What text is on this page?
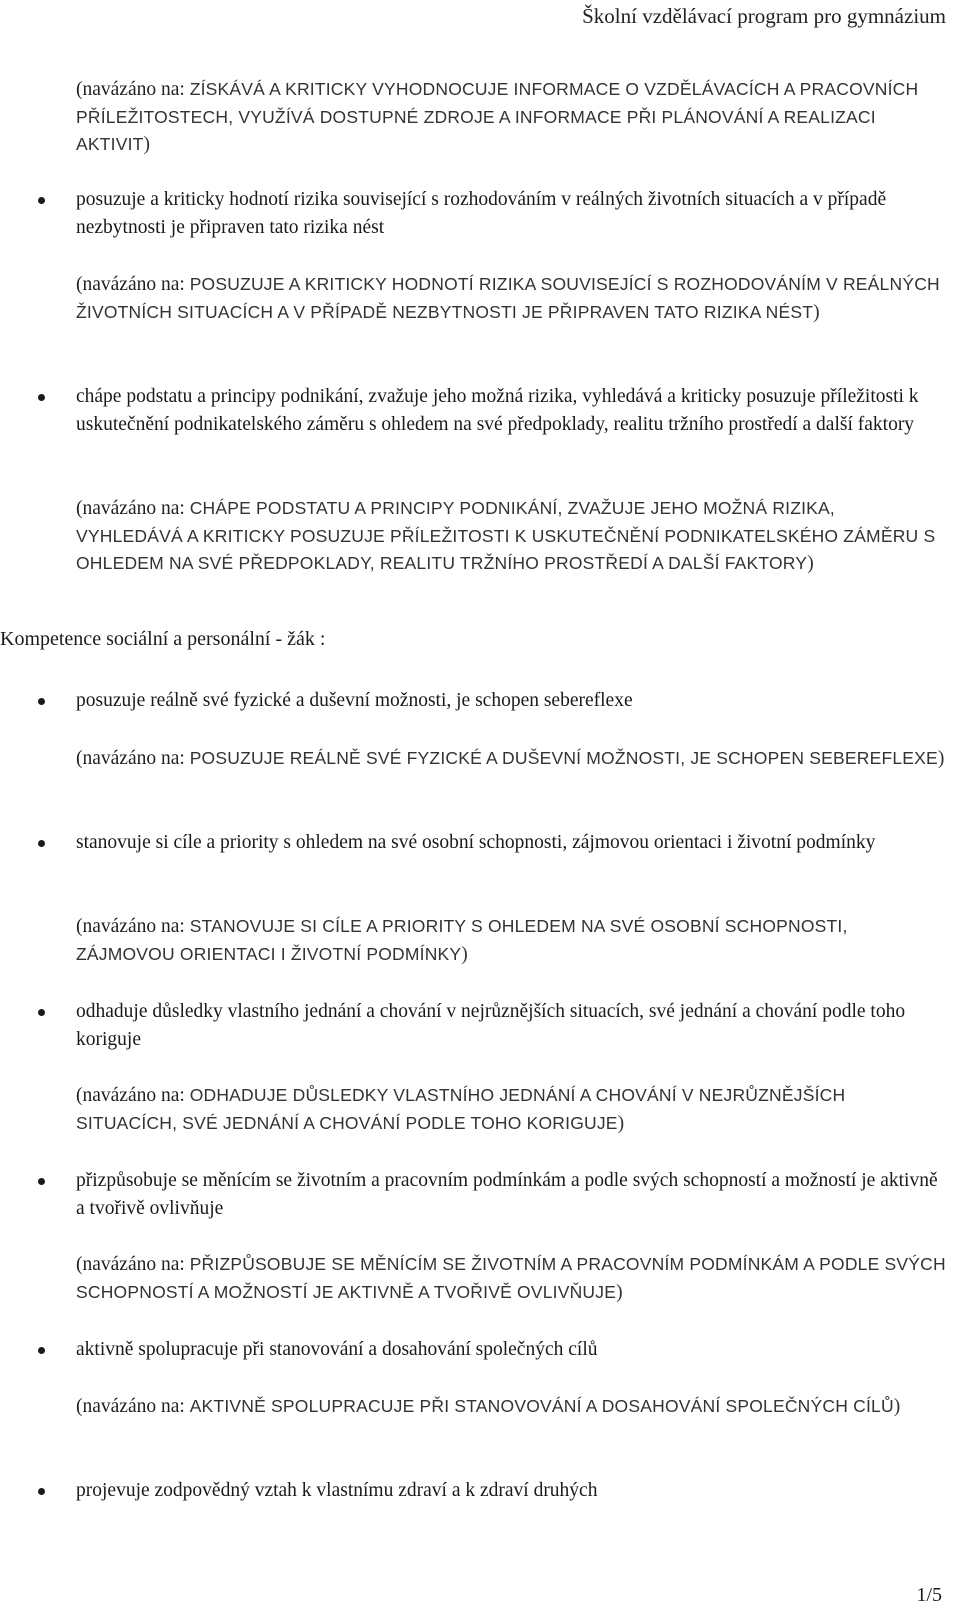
Školní vzdělávací program pro gymnázium
(navázáno na: ZÍSKÁVÁ A KRITICKY VYHODNOCUJE INFORMACE O VZDĚLÁVACÍCH A PRACOVNÍCH PŘÍLEŽITOSTECH, VYUŽÍVÁ DOSTUPNÉ ZDROJE A INFORMACE PŘI PLÁNOVÁNÍ A REALIZACI AKTIVIT)
posuzuje a kriticky hodnotí rizika související s rozhodováním v reálných životních situacích a v případě nezbytnosti je připraven tato rizika nést
(navázáno na: POSUZUJE A KRITICKY HODNOTÍ RIZIKA SOUVISEJÍCÍ S ROZHODOVÁNÍM V REÁLNÝCH ŽIVOTNÍCH SITUACÍCH A V PŘÍPADĚ NEZBYTNOSTI JE PŘIPRAVEN TATO RIZIKA NÉST)
chápe podstatu a principy podnikání, zvažuje jeho možná rizika, vyhledává a kriticky posuzuje příležitosti k uskutečnění podnikatelského záměru s ohledem na své předpoklady, realitu tržního prostředí a další faktory
(navázáno na: CHÁPE PODSTATU A PRINCIPY PODNIKÁNÍ, ZVAŽUJE JEHO MOŽNÁ RIZIKA, VYHLEDÁVÁ A KRITICKY POSUZUJE PŘÍLEŽITOSTI K USKUTEČNĚNÍ PODNIKATELSKÉHO ZÁMĚRU S OHLEDEM NA SVÉ PŘEDPOKLADY, REALITU TRŽNÍHO PROSTŘEDÍ A DALŠÍ FAKTORY)
Kompetence sociální a personální - žák :
posuzuje reálně své fyzické a duševní možnosti, je schopen sebereflexe
(navázáno na: POSUZUJE REÁLNĚ SVÉ FYZICKÉ A DUŠEVNÍ MOŽNOSTI, JE SCHOPEN SEBEREFLEXE)
stanovuje si cíle a priority s ohledem na své osobní schopnosti, zájmovou orientaci i životní podmínky
(navázáno na: STANOVUJE SI CÍLE A PRIORITY S OHLEDEM NA SVÉ OSOBNÍ SCHOPNOSTI, ZÁJMOVOU ORIENTACI I ŽIVOTNÍ PODMÍNKY)
odhaduje důsledky vlastního jednání a chování v nejrůznějších situacích, své jednání a chování podle toho koriguje
(navázáno na: ODHADUJE DŮSLEDKY VLASTNÍHO JEDNÁNÍ A CHOVÁNÍ V NEJRŮZNĚJŠÍCH SITUACÍCH, SVÉ JEDNÁNÍ A CHOVÁNÍ PODLE TOHO KORIGUJE)
přizpůsobuje se měnícím se životním a pracovním podmínkám a podle svých schopností a možností je aktivně a tvořivě ovlivňuje
(navázáno na: PŘIZPŮSOBUJE SE MĚNÍCÍM SE ŽIVOTNÍM A PRACOVNÍM PODMÍNKÁM A PODLE SVÝCH SCHOPNOSTÍ A MOŽNOSTÍ JE AKTIVNĚ A TVOŘIVĚ OVLIVŇUJE)
aktivně spolupracuje při stanovování a dosahování společných cílů
(navázáno na: AKTIVNĚ SPOLUPRACUJE PŘI STANOVOVÁNÍ A DOSAHOVÁNÍ SPOLEČNÝCH CÍLŮ)
projevuje zodpovědný vztah k vlastnímu zdraví a k zdraví druhých
1/5
